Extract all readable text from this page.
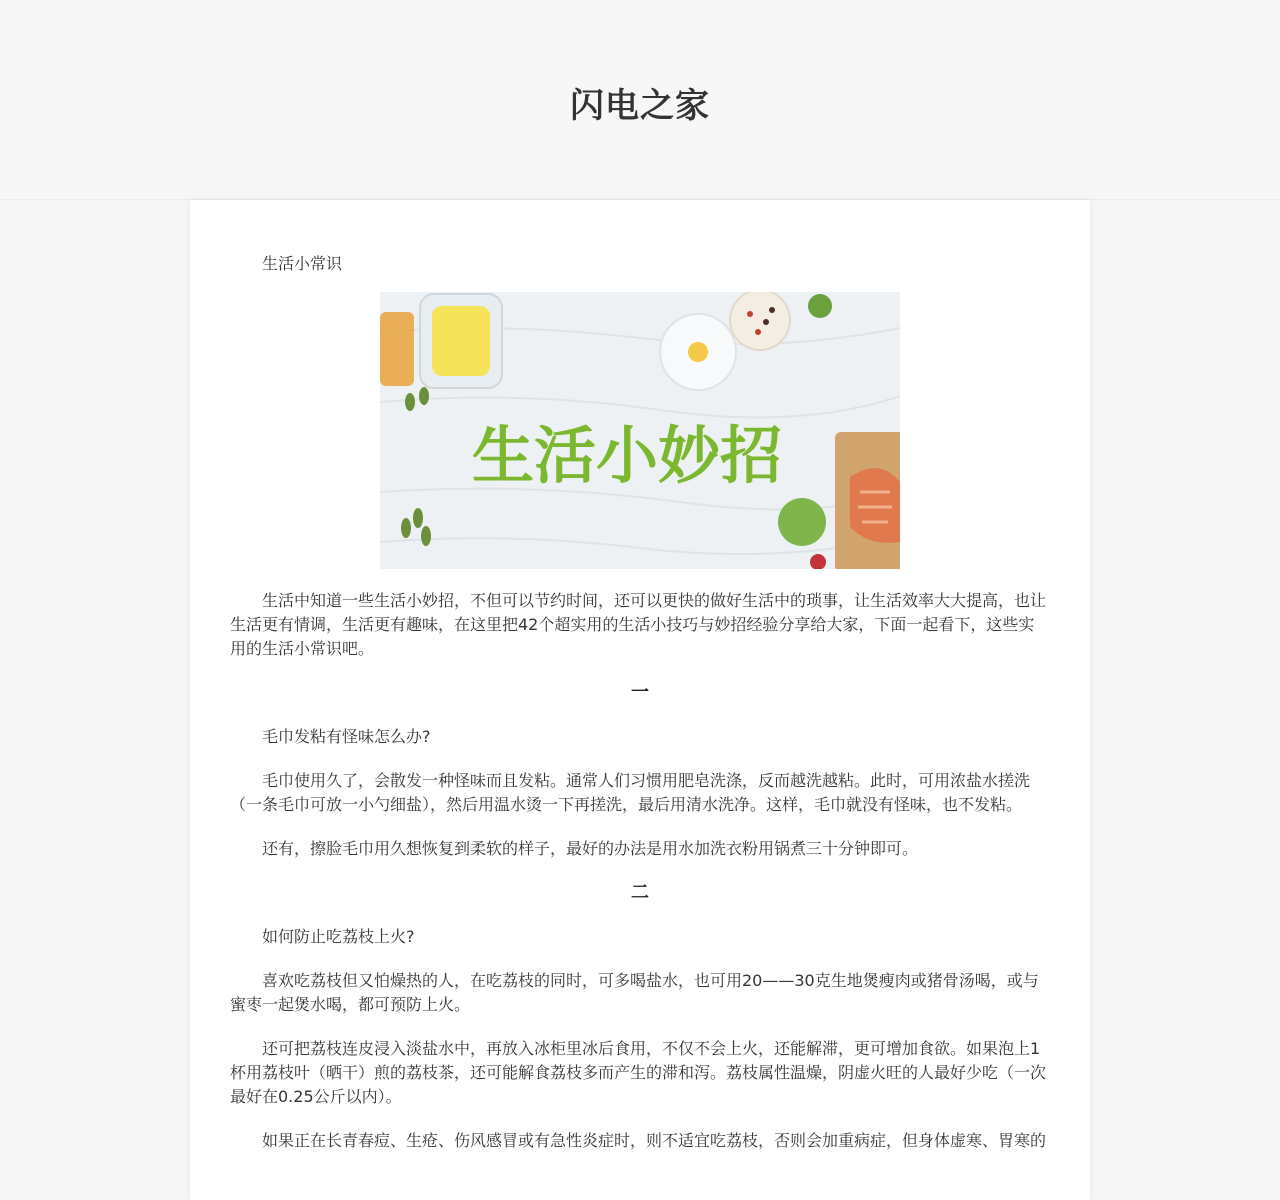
闪电之家

生活小常识

生活小妙招

生活中知道一些生活小妙招，不但可以节约时间，还可以更快的做好生活中的琐事，让生活效率大大提高，也让生活更有情调，生活更有趣味，在这里把42个超实用的生活小技巧与妙招经验分享给大家，下面一起看下，这些实用的生活小常识吧。

一

毛巾发粘有怪味怎么办?

毛巾使用久了，会散发一种怪味而且发粘。通常人们习惯用肥皂洗涤，反而越洗越粘。此时，可用浓盐水搓洗（一条毛巾可放一小勺细盐），然后用温水烫一下再搓洗，最后用清水洗净。这样，毛巾就没有怪味，也不发粘。

还有，擦脸毛巾用久想恢复到柔软的样子，最好的办法是用水加洗衣粉用锅煮三十分钟即可。

二

如何防止吃荔枝上火?

喜欢吃荔枝但又怕燥热的人，在吃荔枝的同时，可多喝盐水，也可用20——30克生地煲瘦肉或猪骨汤喝，或与蜜枣一起煲水喝，都可预防上火。

还可把荔枝连皮浸入淡盐水中，再放入冰柜里冰后食用，不仅不会上火，还能解滞，更可增加食欲。如果泡上1杯用荔枝叶（晒干）煎的荔枝茶，还可能解食荔枝多而产生的滞和泻。荔枝属性温燥，阴虚火旺的人最好少吃（一次最好在0.25公斤以内）。

如果正在长青春痘、生疮、伤风感冒或有急性炎症时，则不适宜吃荔枝，否则会加重病症，但身体虚寒、胃寒的
